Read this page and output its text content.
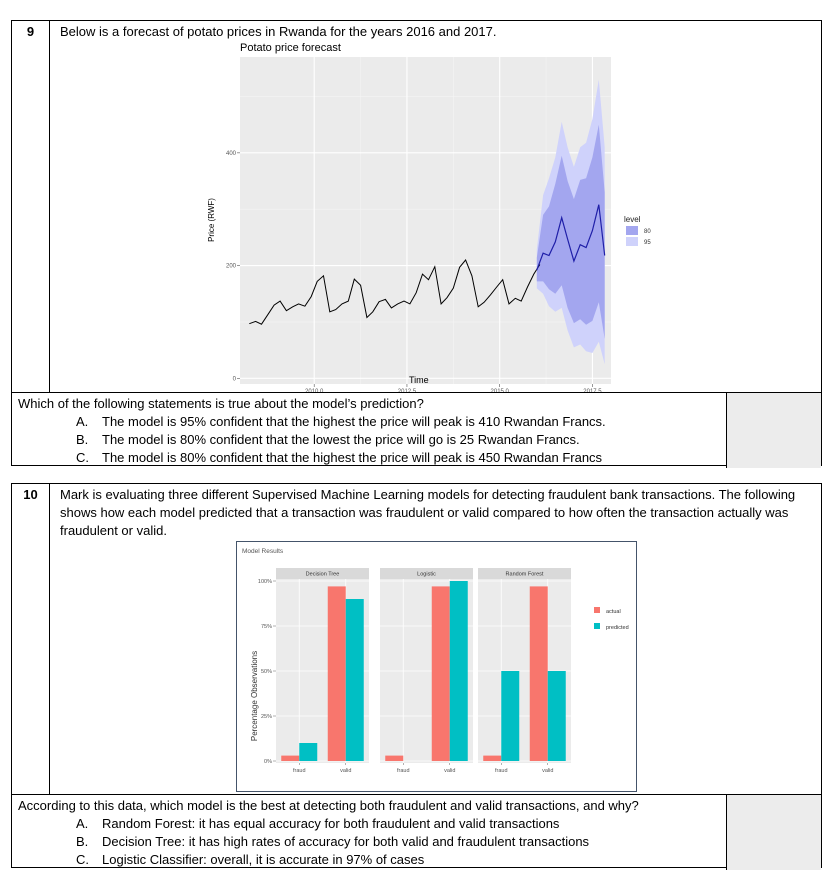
9	Below is a forecast of potato prices in Rwanda for the years 2016 and 2017.
Potato price forecast
0
200
400
2010.0	2012.5	2015.0	2017.5
Price (RWF)	level
80
95
Time
Which of the following statements is true about the model’s prediction?
A.	The model is 95% confident that the highest the price will peak is 410 Rwandan Francs.
B.	The model is 80% confident that the lowest the price will go is 25 Rwandan Francs.
C.	The model is 80% confident that the highest the price will peak is 450 Rwandan Francs
10	Mark is evaluating three different Supervised Machine Learning models for detecting fraudulent bank transactions. The following shows how each model predicted that a transaction was fraudulent or valid compared to how often the transaction actually was fraudulent or valid.
Model Results
0%
25%
50%
75%
100%
Decision Tree
fraud	valid
Logistic
fraud	valid
Random Forest
fraud	valid
Percentage Observations
actual
predicted
According to this data, which model is the best at detecting both fraudulent and valid transactions, and why?
A.	Random Forest: it has equal accuracy for both fraudulent and valid transactions
B.	Decision Tree: it has high rates of accuracy for both valid and fraudulent transactions
C.	Logistic Classifier: overall, it is accurate in 97% of cases
